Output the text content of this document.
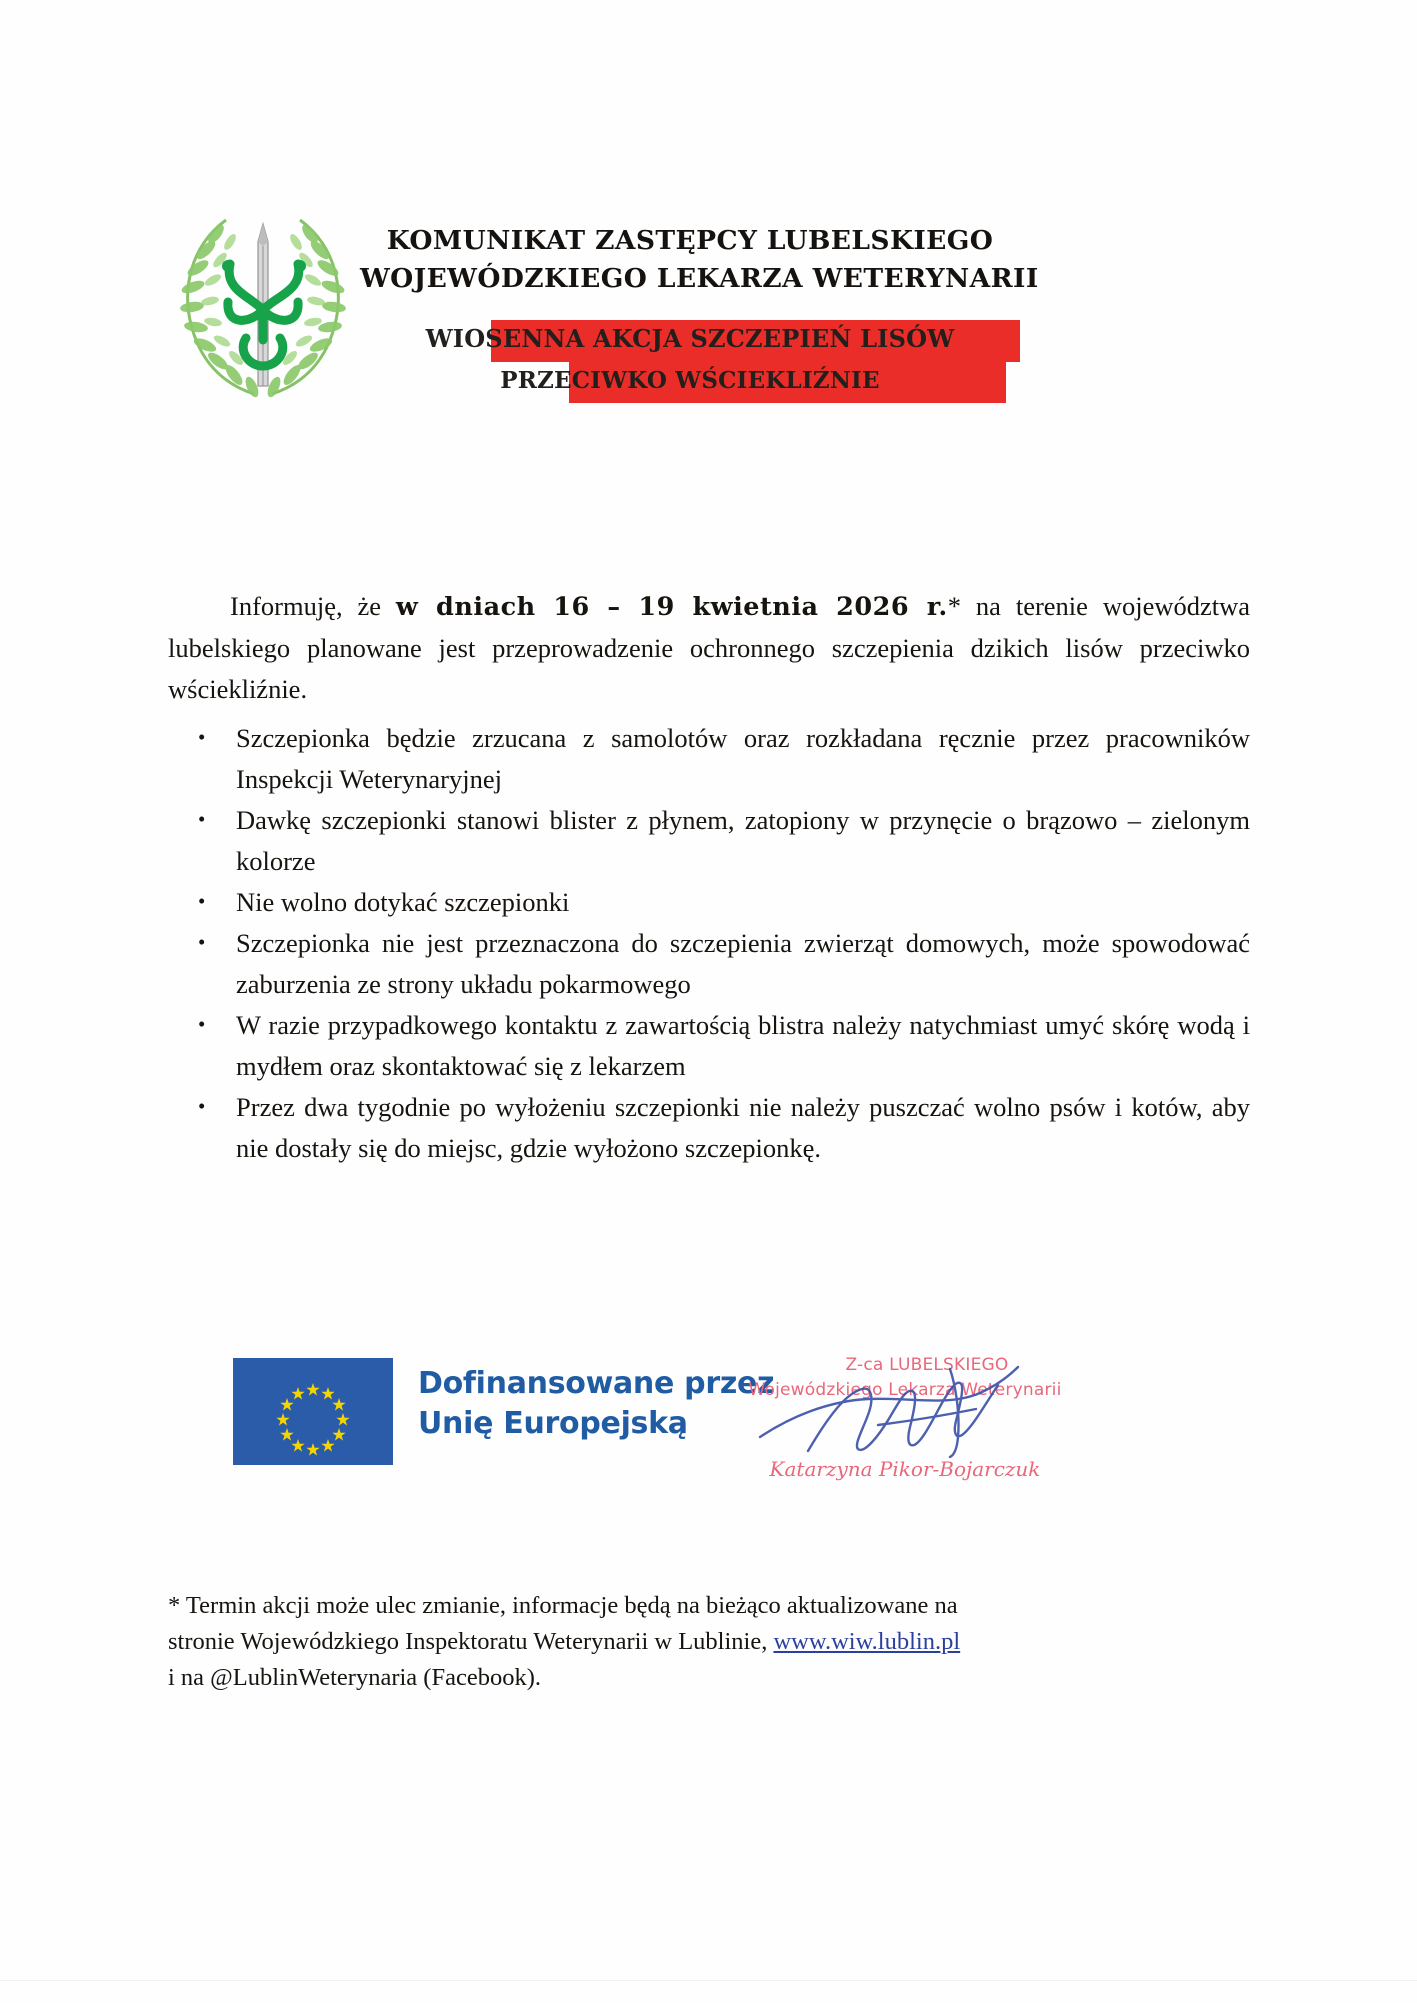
KOMUNIKAT ZASTĘPCY LUBELSKIEGO
WOJEWÓDZKIEGO LEKARZA WETERYNARII
WIOSENNA AKCJA SZCZEPIEŃ LISÓW
PRZECIWKO WŚCIEKLIŹNIE

Informuję, że w dniach 16 – 19 kwietnia 2026 r.* na terenie województwa lubelskiego planowane jest przeprowadzenie ochronnego szczepienia dzikich lisów przeciwko wściekliźnie.

• Szczepionka będzie zrzucana z samolotów oraz rozkładana ręcznie przez pracowników Inspekcji Weterynaryjnej
• Dawkę szczepionki stanowi blister z płynem, zatopiony w przynęcie o brązowo – zielonym kolorze
• Nie wolno dotykać szczepionki
• Szczepionka nie jest przeznaczona do szczepienia zwierząt domowych, może spowodować zaburzenia ze strony układu pokarmowego
• W razie przypadkowego kontaktu z zawartością blistra należy natychmiast umyć skórę wodą i mydłem oraz skontaktować się z lekarzem
• Przez dwa tygodnie po wyłożeniu szczepionki nie należy puszczać wolno psów i kotów, aby nie dostały się do miejsc, gdzie wyłożono szczepionkę.
Dofinansowane przez
Unię Europejską
Z-ca LUBELSKIEGO
Wojewódzkiego Lekarza Weterynarii
Katarzyna Pikor-Bojarczuk

* Termin akcji może ulec zmianie, informacje będą na bieżąco aktualizowane na

stronie Wojewódzkiego Inspektoratu Weterynarii w Lublinie, www.wiw.lublin.pl

i na @LublinWeterynaria (Facebook).
